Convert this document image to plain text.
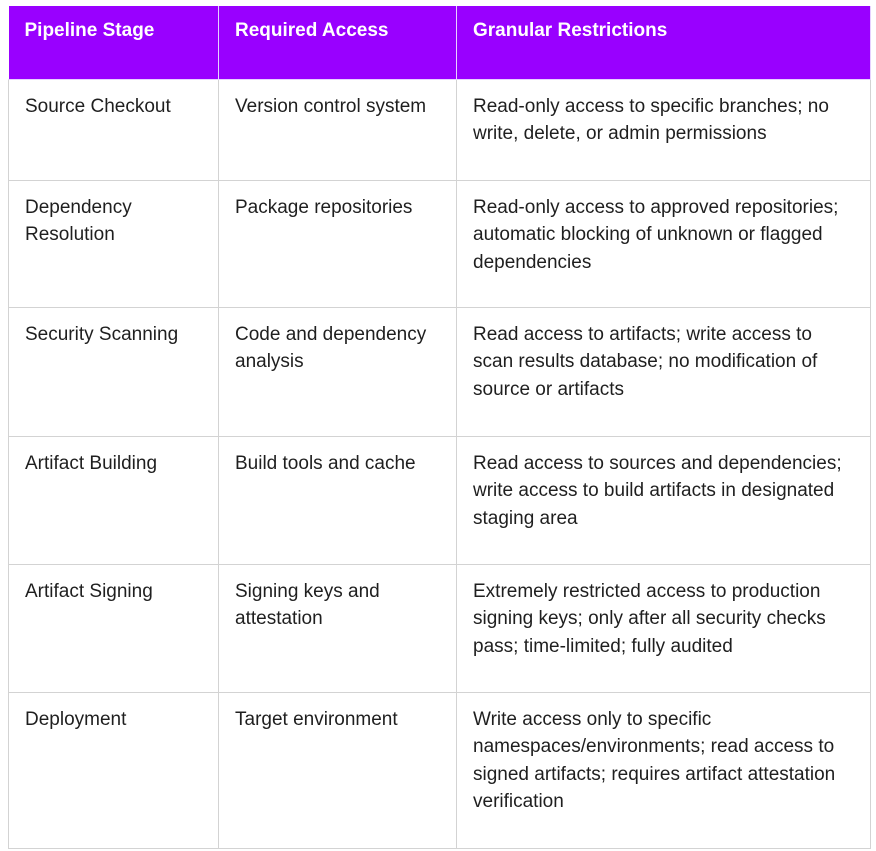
Pipeline Stage	Required Access	Granular Restrictions
Source Checkout	Version control system	Read-only access to specific branches; no write, delete, or admin permissions
Dependency Resolution	Package repositories	Read-only access to approved repositories; automatic blocking of unknown or flagged dependencies
Security Scanning	Code and dependency analysis	Read access to artifacts; write access to scan results database; no modification of source or artifacts
Artifact Building	Build tools and cache	Read access to sources and dependencies; write access to build artifacts in designated staging area
Artifact Signing	Signing keys and attestation	Extremely restricted access to production signing keys; only after all security checks pass; time-limited; fully audited
Deployment	Target environment	Write access only to specific namespaces/environments; read access to signed artifacts; requires artifact attestation verification
